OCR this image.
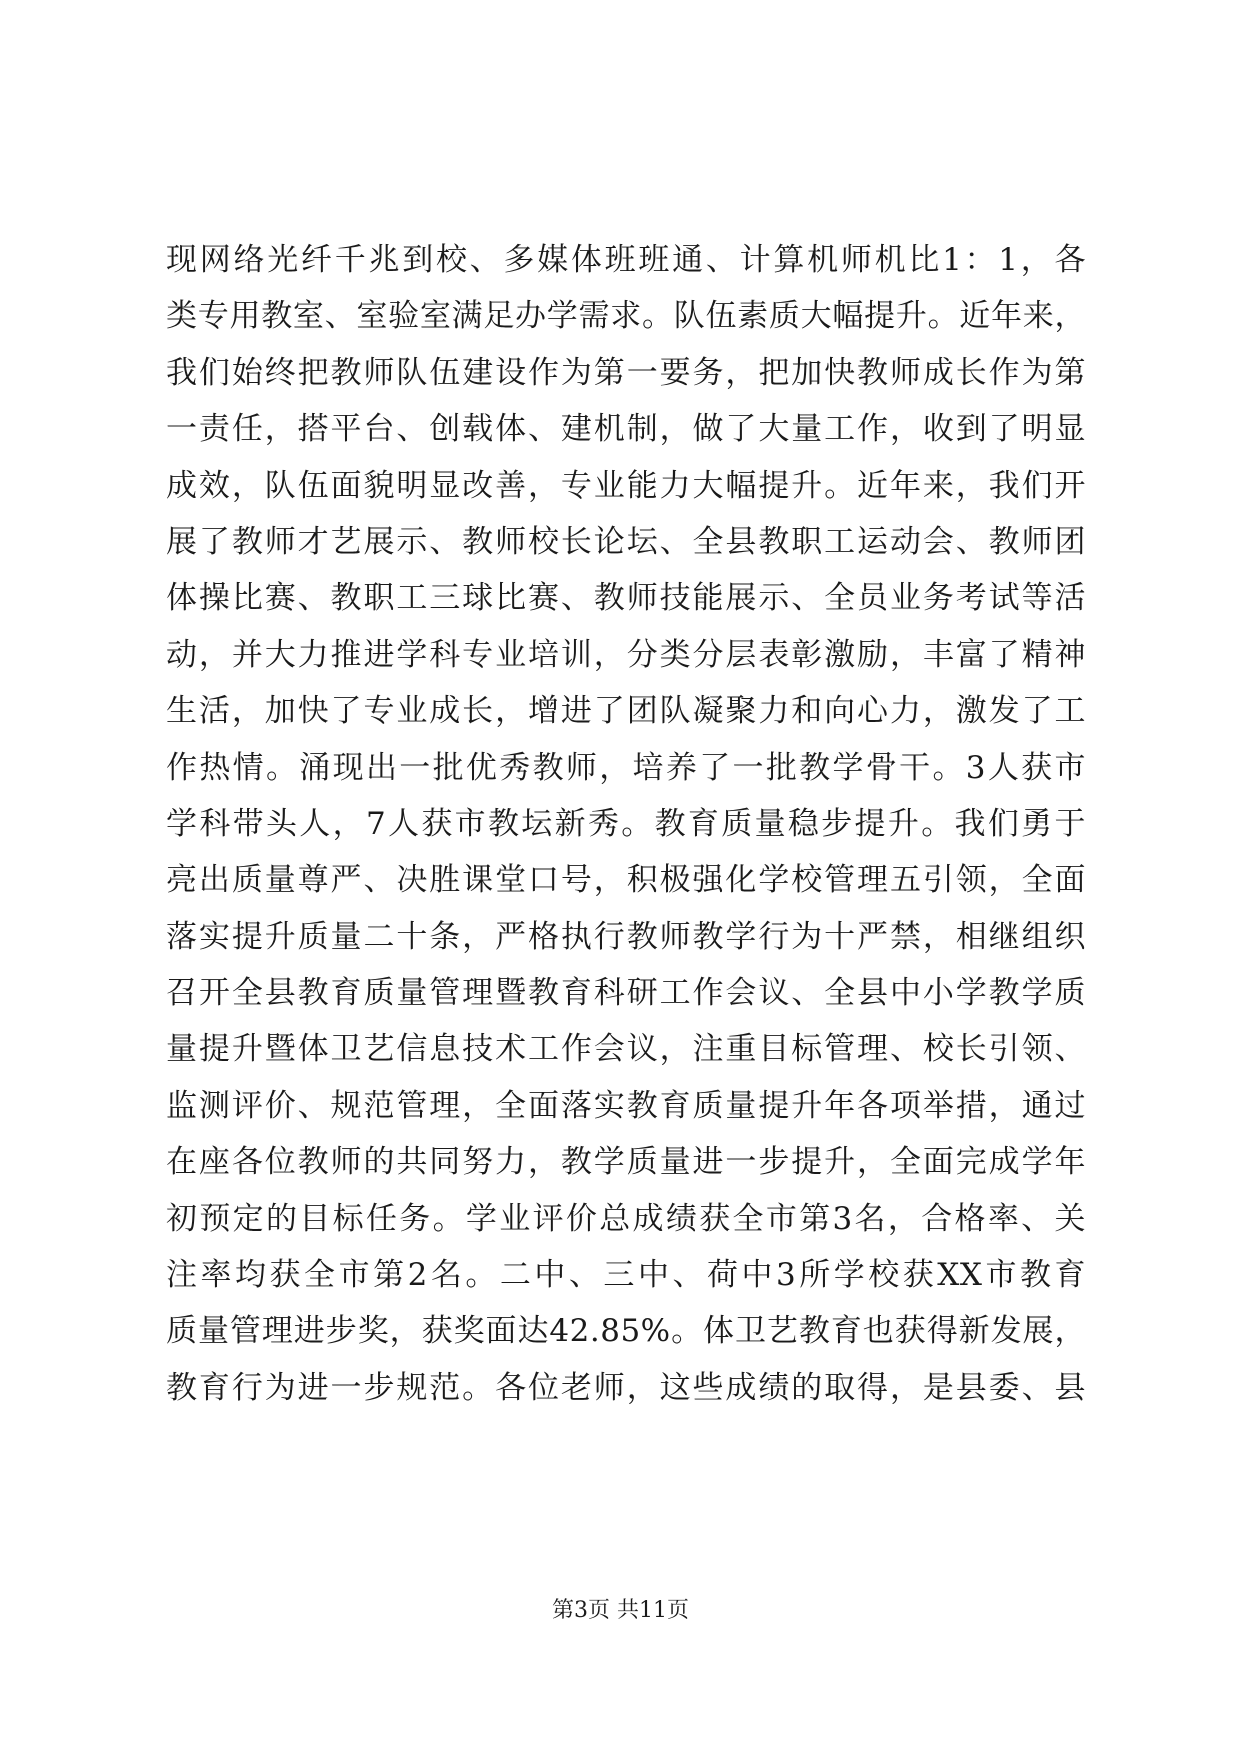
现网络光纤千兆到校、多媒体班班通、计算机师机比1：1，各
类专用教室、室验室满足办学需求。队伍素质大幅提升。近年来，
我们始终把教师队伍建设作为第一要务，把加快教师成长作为第
一责任，搭平台、创载体、建机制，做了大量工作，收到了明显
成效，队伍面貌明显改善，专业能力大幅提升。近年来，我们开
展了教师才艺展示、教师校长论坛、全县教职工运动会、教师团
体操比赛、教职工三球比赛、教师技能展示、全员业务考试等活
动，并大力推进学科专业培训，分类分层表彰激励，丰富了精神
生活，加快了专业成长，增进了团队凝聚力和向心力，激发了工
作热情。涌现出一批优秀教师，培养了一批教学骨干。3人获市
学科带头人，7人获市教坛新秀。教育质量稳步提升。我们勇于
亮出质量尊严、决胜课堂口号，积极强化学校管理五引领，全面
落实提升质量二十条，严格执行教师教学行为十严禁，相继组织
召开全县教育质量管理暨教育科研工作会议、全县中小学教学质
量提升暨体卫艺信息技术工作会议，注重目标管理、校长引领、
监测评价、规范管理，全面落实教育质量提升年各项举措，通过
在座各位教师的共同努力，教学质量进一步提升，全面完成学年
初预定的目标任务。学业评价总成绩获全市第3名，合格率、关
注率均获全市第2名。二中、三中、荷中3所学校获XX市教育
质量管理进步奖，获奖面达42.85%。体卫艺教育也获得新发展，
教育行为进一步规范。各位老师，这些成绩的取得，是县委、县
第3页 共11页
